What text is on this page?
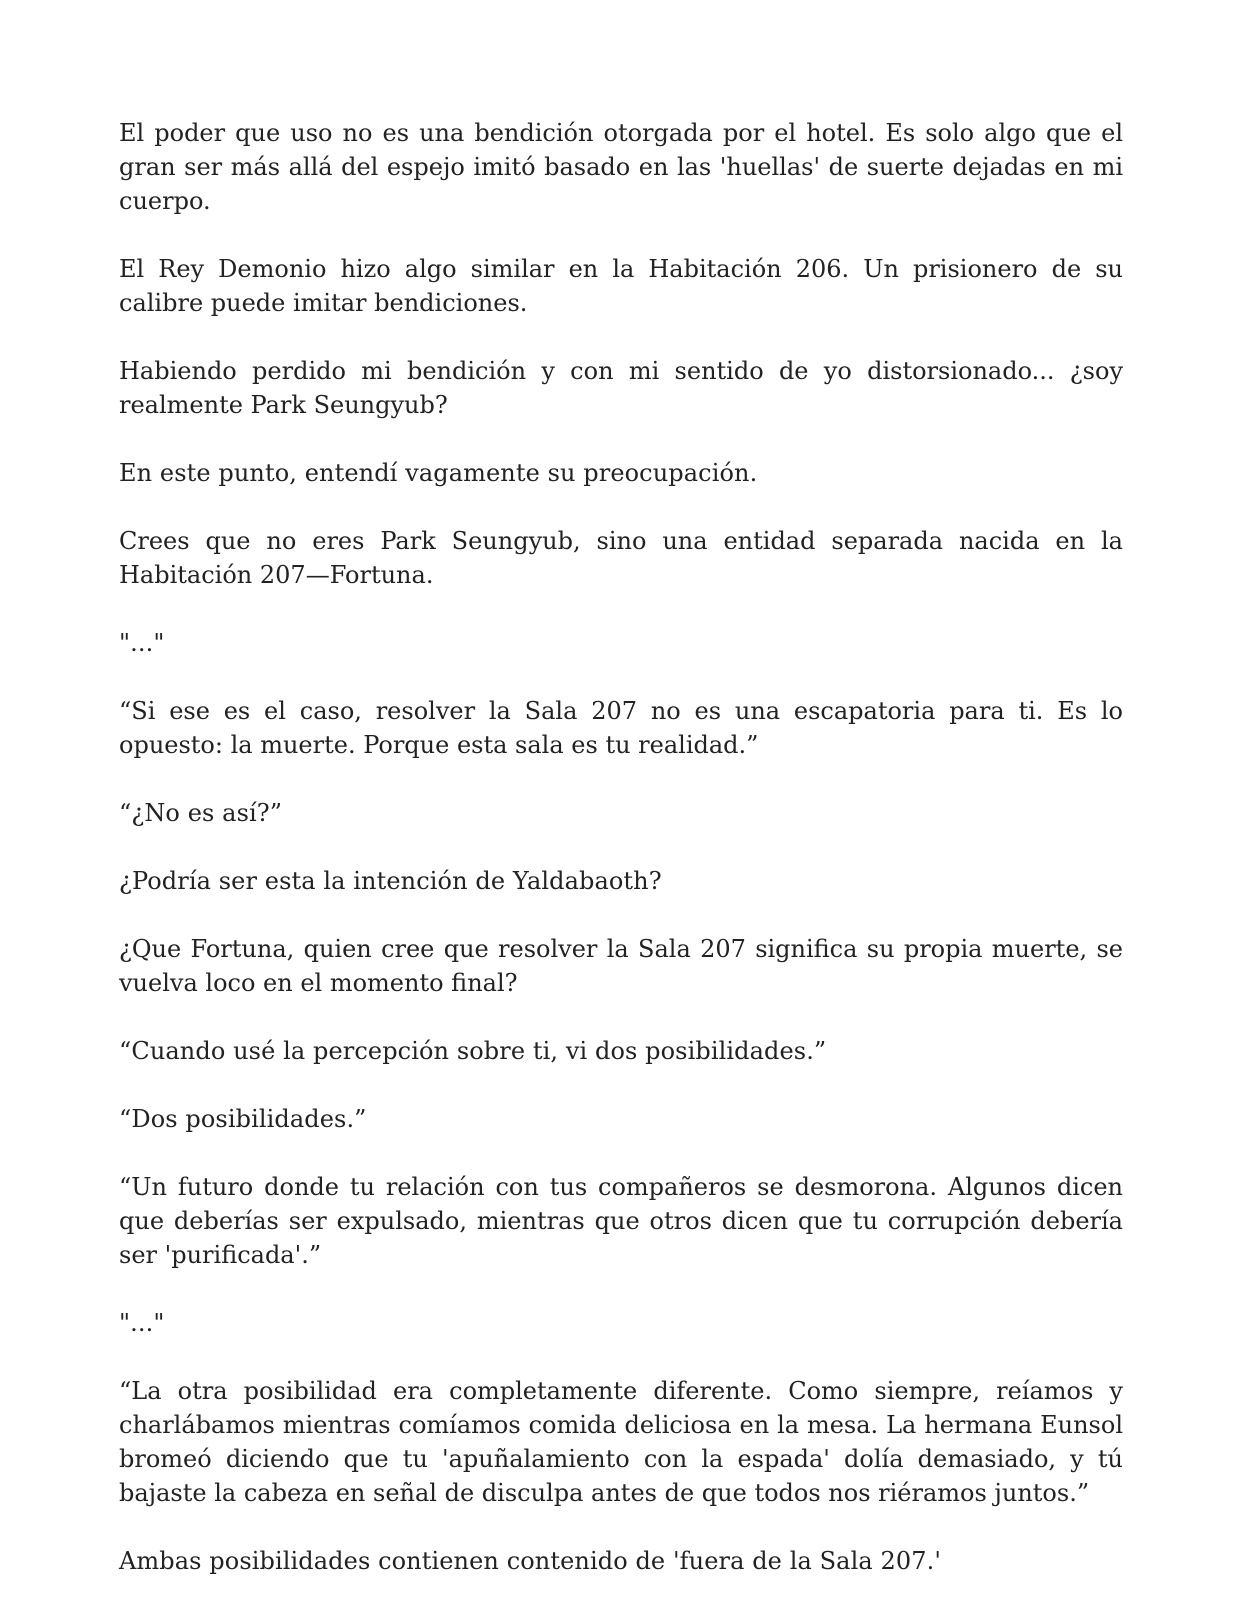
El poder que uso no es una bendición otorgada por el hotel. Es solo algo que el gran ser más allá del espejo imitó basado en las 'huellas' de suerte dejadas en mi cuerpo.

El Rey Demonio hizo algo similar en la Habitación 206. Un prisionero de su calibre puede imitar bendiciones.

Habiendo perdido mi bendición y con mi sentido de yo distorsionado... ¿soy realmente Park Seungyub?

En este punto, entendí vagamente su preocupación.

Crees que no eres Park Seungyub, sino una entidad separada nacida en la Habitación 207—Fortuna.

"..."

“Si ese es el caso, resolver la Sala 207 no es una escapatoria para ti. Es lo opuesto: la muerte. Porque esta sala es tu realidad.”

“¿No es así?”

¿Podría ser esta la intención de Yaldabaoth?

¿Que Fortuna, quien cree que resolver la Sala 207 significa su propia muerte, se vuelva loco en el momento final?

“Cuando usé la percepción sobre ti, vi dos posibilidades.”

“Dos posibilidades.”

“Un futuro donde tu relación con tus compañeros se desmorona. Algunos dicen que deberías ser expulsado, mientras que otros dicen que tu corrupción debería ser 'purificada'.”

"..."

“La otra posibilidad era completamente diferente. Como siempre, reíamos y charlábamos mientras comíamos comida deliciosa en la mesa. La hermana Eunsol bromeó diciendo que tu 'apuñalamiento con la espada' dolía demasiado, y tú bajaste la cabeza en señal de disculpa antes de que todos nos riéramos juntos.”

Ambas posibilidades contienen contenido de 'fuera de la Sala 207.'
